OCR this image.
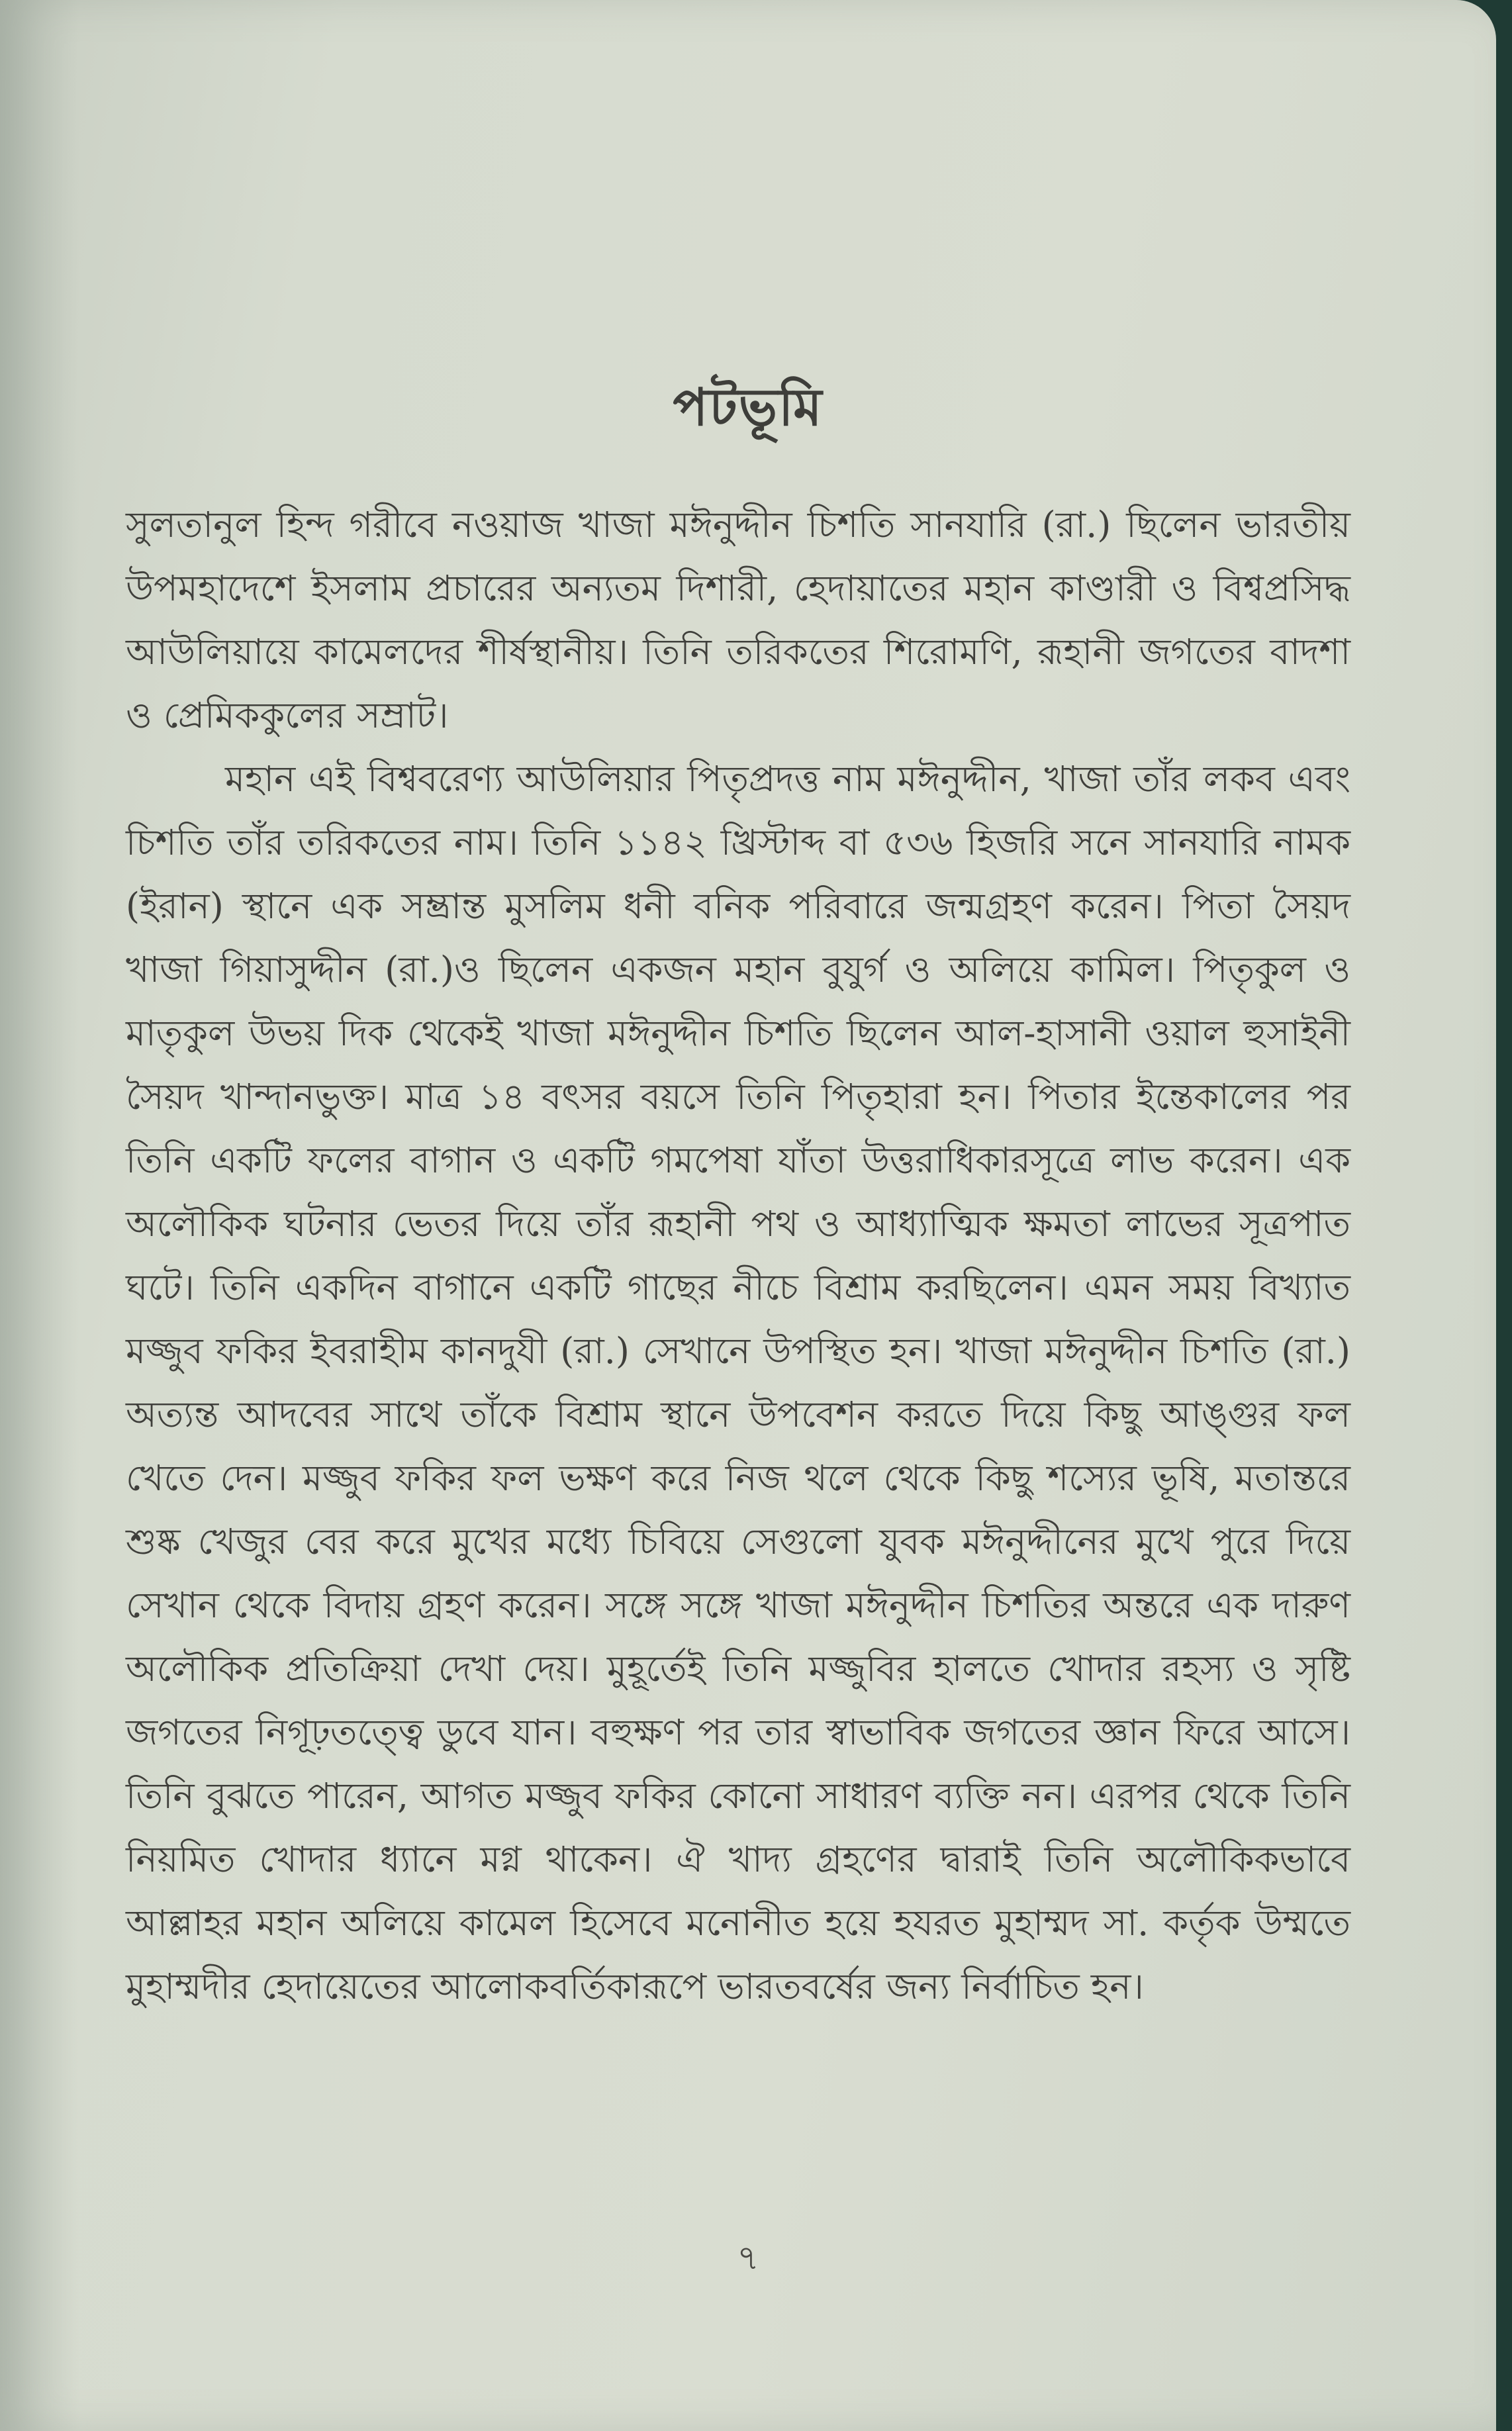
পটভূমি

সুলতানুল হিন্দ গরীবে নওয়াজ খাজা মঈনুদ্দীন চিশতি সানযারি (রা.) ছিলেন ভারতীয় উপমহাদেশে ইসলাম প্রচারের অন্যতম দিশারী, হেদায়াতের মহান কাণ্ডারী ও বিশ্বপ্রসিদ্ধ আউলিয়ায়ে কামেলদের শীর্ষস্থানীয়। তিনি তরিকতের শিরোমণি, রূহানী জগতের বাদশা ও প্রেমিককুলের সম্রাট।

মহান এই বিশ্ববরেণ্য আউলিয়ার পিতৃপ্রদত্ত নাম মঈনুদ্দীন, খাজা তাঁর লকব এবং চিশতি তাঁর তরিকতের নাম। তিনি ১১৪২ খ্রিস্টাব্দ বা ৫৩৬ হিজরি সনে সানযারি নামক (ইরান) স্থানে এক সম্ভ্রান্ত মুসলিম ধনী বনিক পরিবারে জন্মগ্রহণ করেন। পিতা সৈয়দ খাজা গিয়াসুদ্দীন (রা.)ও ছিলেন একজন মহান বুযুর্গ ও অলিয়ে কামিল। পিতৃকুল ও মাতৃকুল উভয় দিক থেকেই খাজা মঈনুদ্দীন চিশতি ছিলেন আল-হাসানী ওয়াল হুসাইনী সৈয়দ খান্দানভুক্ত। মাত্র ১৪ বৎসর বয়সে তিনি পিতৃহারা হন। পিতার ইন্তেকালের পর তিনি একটি ফলের বাগান ও একটি গমপেষা যাঁতা উত্তরাধিকারসূত্রে লাভ করেন। এক অলৌকিক ঘটনার ভেতর দিয়ে তাঁর রূহানী পথ ও আধ্যাত্মিক ক্ষমতা লাভের সূত্রপাত ঘটে। তিনি একদিন বাগানে একটি গাছের নীচে বিশ্রাম করছিলেন। এমন সময় বিখ্যাত মজ্জুব ফকির ইবরাহীম কানদুযী (রা.) সেখানে উপস্থিত হন। খাজা মঈনুদ্দীন চিশতি (রা.) অত্যন্ত আদবের সাথে তাঁকে বিশ্রাম স্থানে উপবেশন করতে দিয়ে কিছু আঙ্গুর ফল খেতে দেন। মজ্জুব ফকির ফল ভক্ষণ করে নিজ থলে থেকে কিছু শস্যের ভূষি, মতান্তরে শুষ্ক খেজুর বের করে মুখের মধ্যে চিবিয়ে সেগুলো যুবক মঈনুদ্দীনের মুখে পুরে দিয়ে সেখান থেকে বিদায় গ্রহণ করেন। সঙ্গে সঙ্গে খাজা মঈনুদ্দীন চিশতির অন্তরে এক দারুণ অলৌকিক প্রতিক্রিয়া দেখা দেয়। মুহূর্তেই তিনি মজ্জুবির হালতে খোদার রহস্য ও সৃষ্টি জগতের নিগূঢ়তত্ত্বে ডুবে যান। বহুক্ষণ পর তার স্বাভাবিক জগতের জ্ঞান ফিরে আসে। তিনি বুঝতে পারেন, আগত মজ্জুব ফকির কোনো সাধারণ ব্যক্তি নন। এরপর থেকে তিনি নিয়মিত খোদার ধ্যানে মগ্ন থাকেন। ঐ খাদ্য গ্রহণের দ্বারাই তিনি অলৌকিকভাবে আল্লাহর মহান অলিয়ে কামেল হিসেবে মনোনীত হয়ে হযরত মুহাম্মদ সা. কর্তৃক উম্মতে মুহাম্মদীর হেদায়েতের আলোকবর্তিকারূপে ভারতবর্ষের জন্য নির্বাচিত হন।

৭
